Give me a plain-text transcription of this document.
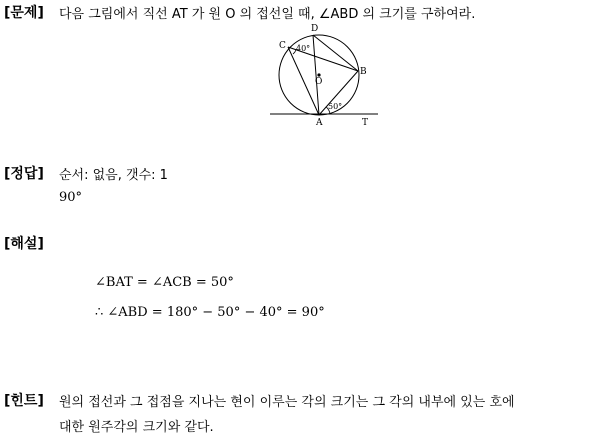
[문제] 다음 그림에서 직선 AT 가 원 O 의 접선일 때, ∠ABD 의 크기를 구하여라.
D
C
B
O
A	T
40°
50°
[정답] 순서: 없음, 갯수: 1
90°
[해설]
∠BAT = ∠ACB = 50°
∴ ∠ABD = 180° − 50° − 40° = 90°
[힌트] 원의 접선과 그 접점을 지나는 현이 이루는 각의 크기는 그 각의 내부에 있는 호에
대한 원주각의 크기와 같다.
